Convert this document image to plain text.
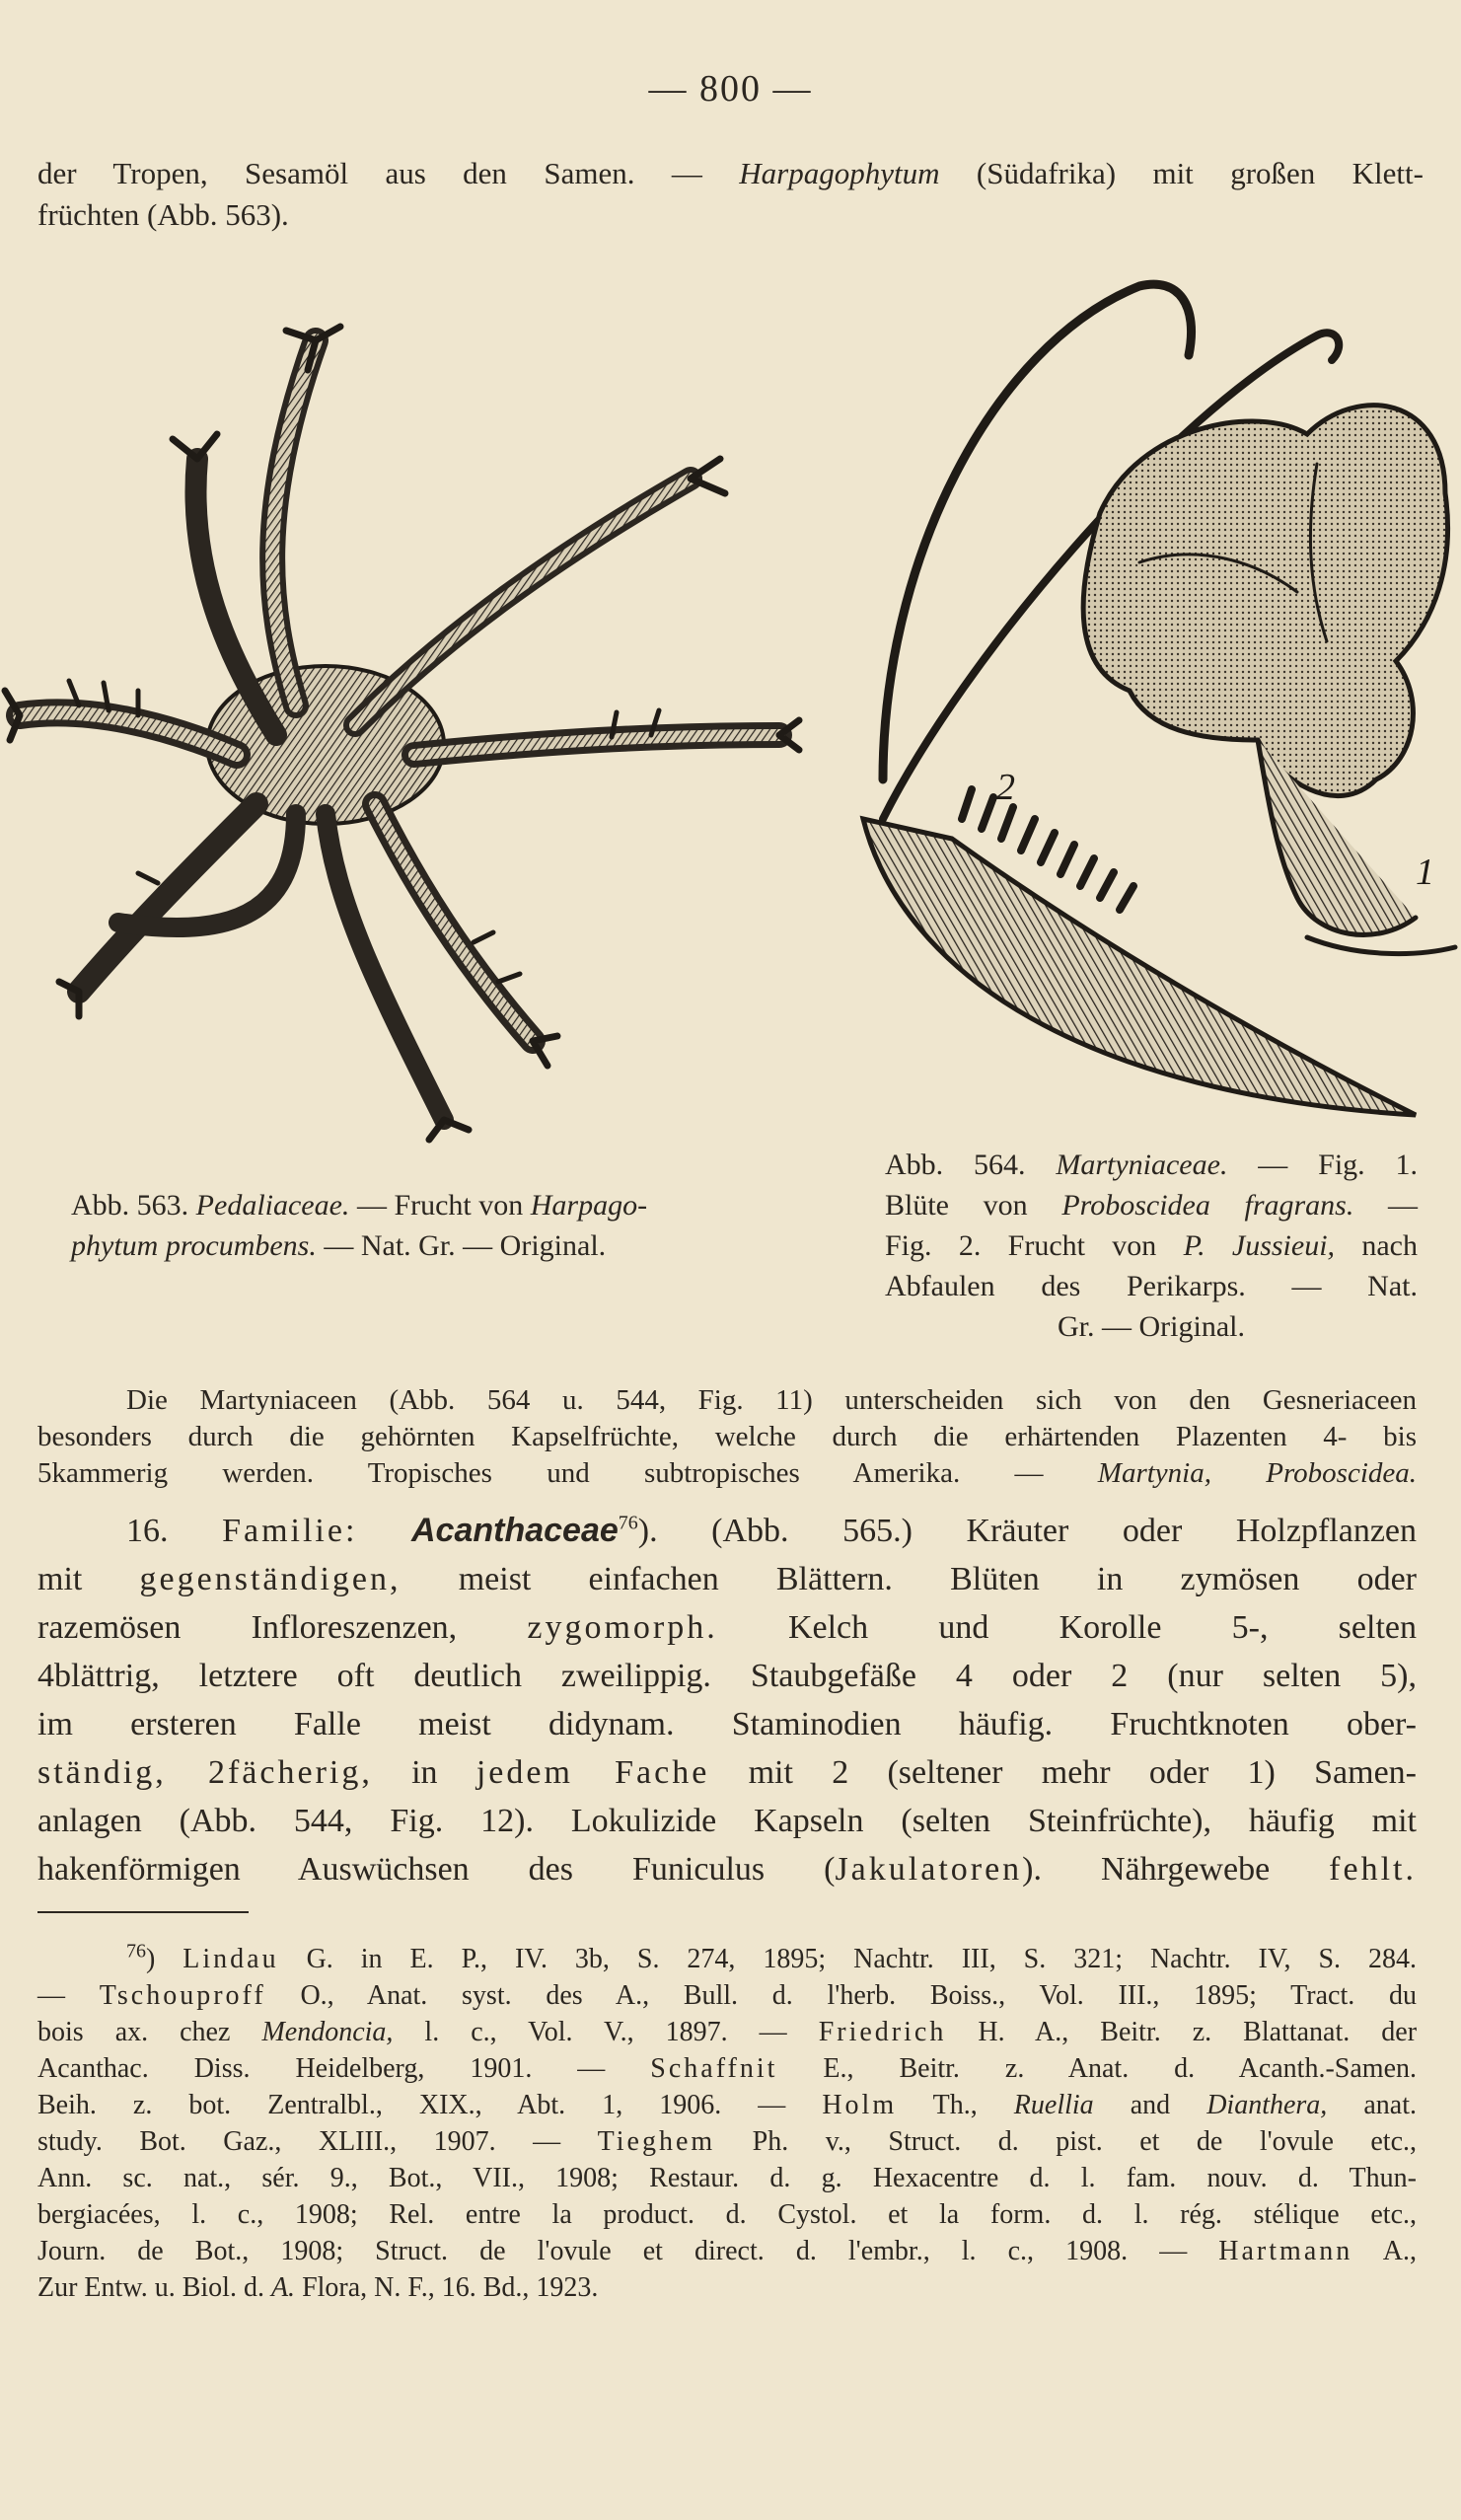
— 800 —
der Tropen, Sesamöl aus den Samen. — Harpagophytum (Südafrika) mit großen Klett-
früchten (Abb. 563).
2
1
Abb. 563. Pedaliaceae. — Frucht von Harpago-
phytum procumbens. — Nat. Gr. — Original.
Abb. 564. Martyniaceae. — Fig. 1.
Blüte von Proboscidea fragrans. —
Fig. 2. Frucht von P. Jussieui, nach
Abfaulen des Perikarps. — Nat.
Gr. — Original.
Die Martyniaceen (Abb. 564 u. 544, Fig. 11) unterscheiden sich von den Gesneriaceen
besonders durch die gehörnten Kapselfrüchte, welche durch die erhärtenden Plazenten 4- bis
5kammerig werden. Tropisches und subtropisches Amerika. — Martynia, Proboscidea.
16. Familie: Acanthaceae$^{76}$). (Abb. 565.) Kräuter oder Holzpflanzen
mit gegenständigen, meist einfachen Blättern. Blüten in zymösen oder
razemösen Infloreszenzen, zygomorph. Kelch und Korolle 5-, selten
4blättrig, letztere oft deutlich zweilippig. Staubgefäße 4 oder 2 (nur selten 5),
im ersteren Falle meist didynam. Staminodien häufig. Fruchtknoten ober-
ständig, 2fächerig, in jedem Fache mit 2 (seltener mehr oder 1) Samen-
anlagen (Abb. 544, Fig. 12). Lokulizide Kapseln (selten Steinfrüchte), häufig mit
hakenförmigen Auswüchsen des Funiculus (Jakulatoren). Nährgewebe fehlt.
$^{76}$) Lindau G. in E. P., IV. 3b, S. 274, 1895; Nachtr. III, S. 321; Nachtr. IV, S. 284.
— Tschouproff O., Anat. syst. des A., Bull. d. l'herb. Boiss., Vol. III., 1895; Tract. du
bois ax. chez Mendoncia, l. c., Vol. V., 1897. — Friedrich H. A., Beitr. z. Blattanat. der
Acanthac. Diss. Heidelberg, 1901. — Schaffnit E., Beitr. z. Anat. d. Acanth.-Samen.
Beih. z. bot. Zentralbl., XIX., Abt. 1, 1906. — Holm Th., Ruellia and Dianthera, anat.
study. Bot. Gaz., XLIII., 1907. — Tieghem Ph. v., Struct. d. pist. et de l'ovule etc.,
Ann. sc. nat., sér. 9., Bot., VII., 1908; Restaur. d. g. Hexacentre d. l. fam. nouv. d. Thun-
bergiacées, l. c., 1908; Rel. entre la product. d. Cystol. et la form. d. l. rég. stélique etc.,
Journ. de Bot., 1908; Struct. de l'ovule et direct. d. l'embr., l. c., 1908. — Hartmann A.,
Zur Entw. u. Biol. d. A. Flora, N. F., 16. Bd., 1923.
